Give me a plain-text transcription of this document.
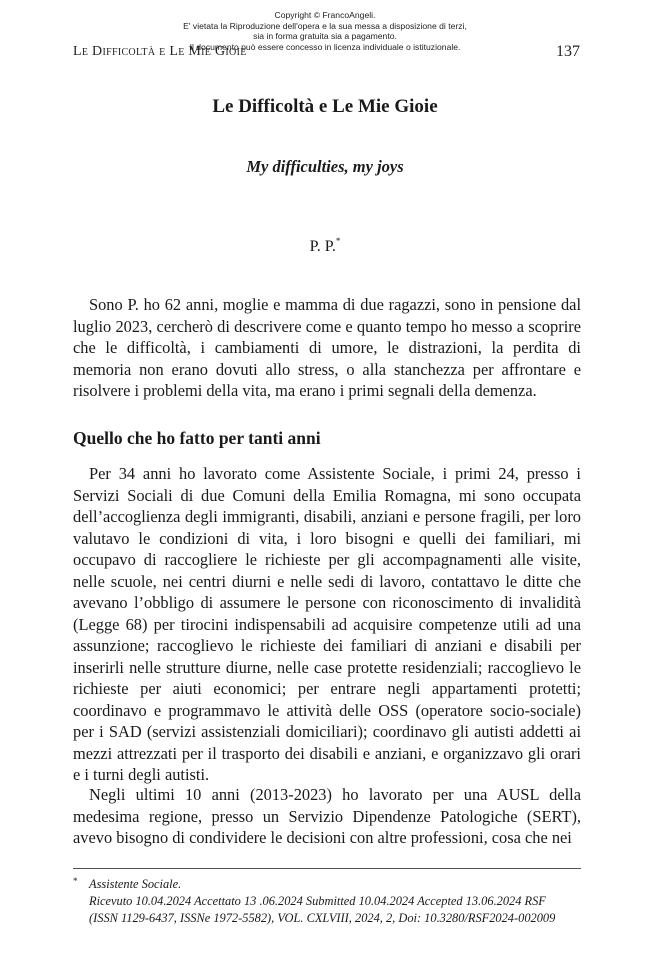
Copyright © FrancoAngeli.
E' vietata la Riproduzione dell'opera e la sua messa a disposizione di terzi,
sia in forma gratuita sia a pagamento.
Il documento può essere concesso in licenza individuale o istituzionale.
Le Difficoltà e Le Mie Gioie	137
Le Difficoltà e Le Mie Gioie
My difficulties, my joys
P. P.*

Sono P. ho 62 anni, moglie e mamma di due ragazzi, sono in pensione dal luglio 2023, cercherò di descrivere come e quanto tempo ho messo a scoprire che le difficoltà, i cambiamenti di umore, le distrazioni, la perdita di memoria non erano dovuti allo stress, o alla stanchezza per affrontare e risolvere i problemi della vita, ma erano i primi segnali della demenza.

Quello che ho fatto per tanti anni

Per 34 anni ho lavorato come Assistente Sociale, i primi 24, presso i Servizi Sociali di due Comuni della Emilia Romagna, mi sono occupata dell’accoglienza degli immigranti, disabili, anziani e persone fragili, per loro valutavo le condizioni di vita, i loro bisogni e quelli dei familiari, mi occupavo di raccogliere le richieste per gli accompagnamenti alle visite, nelle scuole, nei centri diurni e nelle sedi di lavoro, contattavo le ditte che avevano l’obbligo di assumere le persone con riconoscimento di invalidità (Legge 68) per tirocini indispensabili ad acquisire competenze utili ad una assunzione; raccoglievo le richieste dei familiari di anziani e disabili per inserirli nelle strutture diurne, nelle case protette residenziali; raccoglievo le richieste per aiuti economici; per entrare negli appartamenti protetti; coordinavo e programmavo le attività delle OSS (operatore socio-sociale) per i SAD (servizi assistenziali domiciliari); coordinavo gli autisti addetti ai mezzi attrezzati per il trasporto dei disabili e anziani, e organizzavo gli orari e i turni degli autisti.

Negli ultimi 10 anni (2013-2023) ho lavorato per una AUSL della medesima regione, presso un Servizio Dipendenze Patologiche (SERT), avevo bisogno di condividere le decisioni con altre professioni, cosa che nei

* Assistente Sociale.
Ricevuto 10.04.2024 Accettato 13 .06.2024 Submitted 10.04.2024 Accepted 13.06.2024 RSF
(ISSN 1129-6437, ISSNe 1972-5582), VOL. CXLVIII, 2024, 2, Doi: 10.3280/RSF2024-002009
